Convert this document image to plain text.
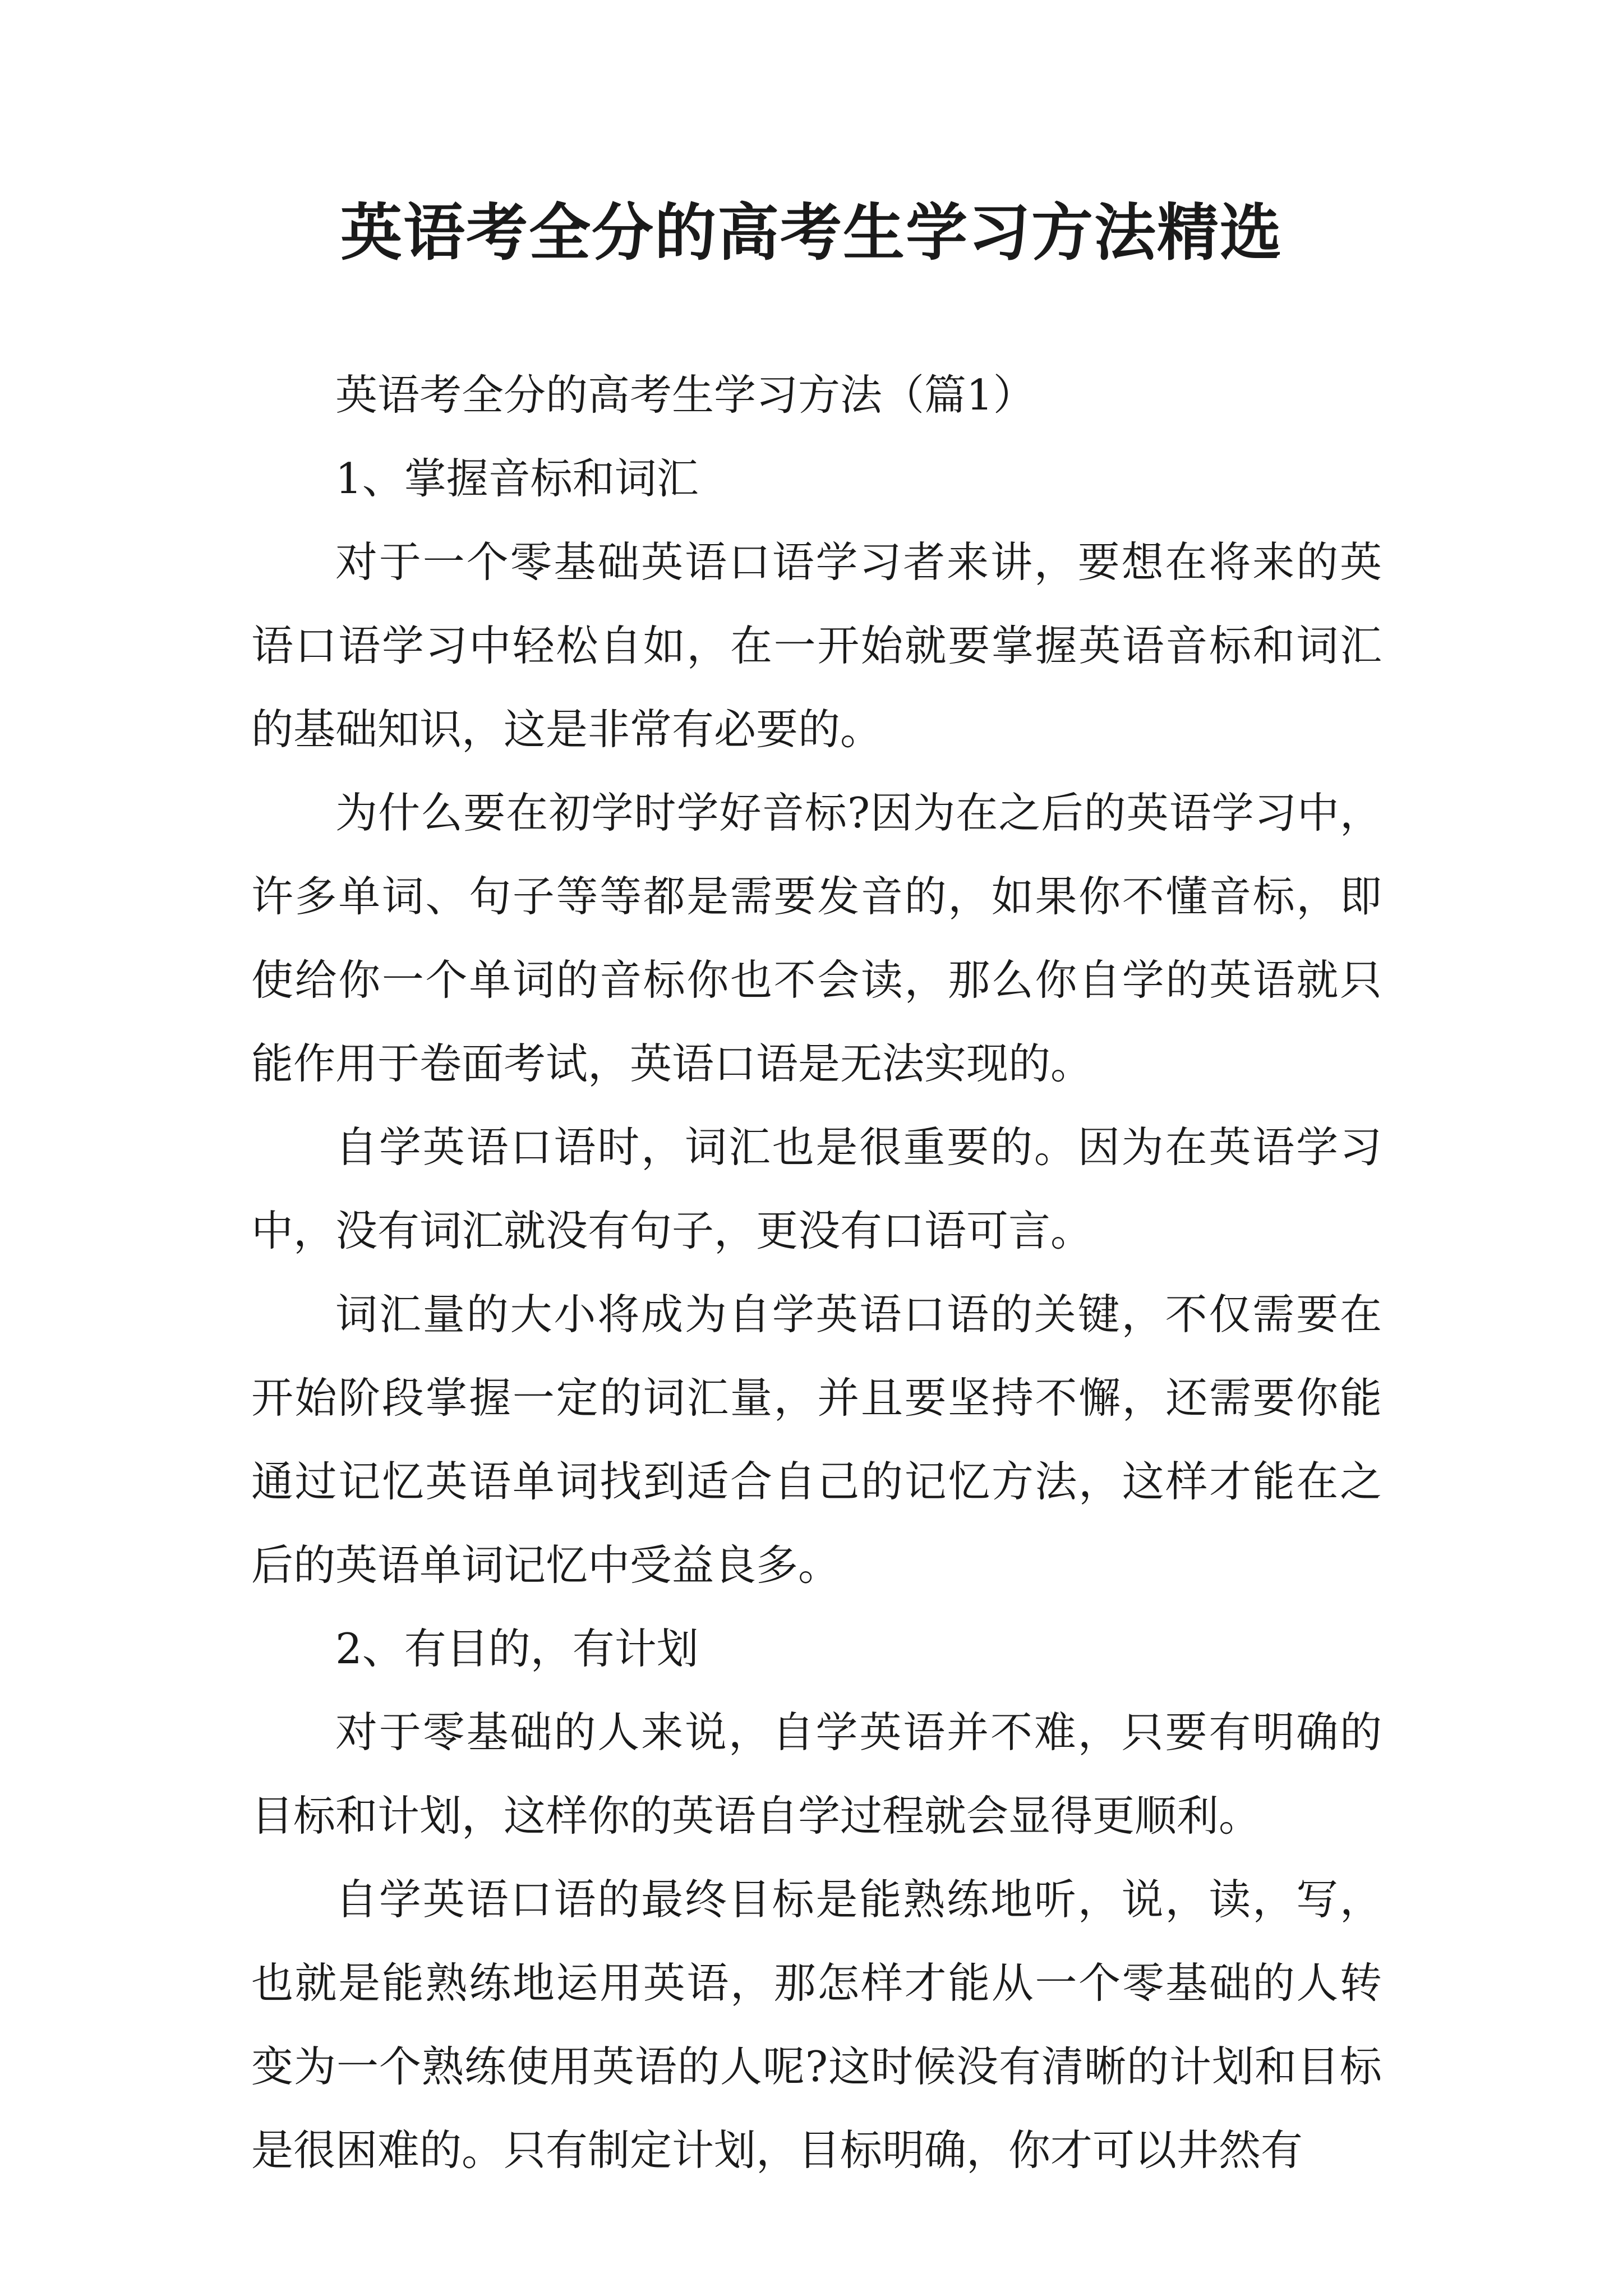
英语考全分的高考生学习方法精选

英语考全分的高考生学习方法（篇1）

1、掌握音标和词汇

对于一个零基础英语口语学习者来讲，要想在将来的英语口语学习中轻松自如，在一开始就要掌握英语音标和词汇的基础知识，这是非常有必要的。

为什么要在初学时学好音标?因为在之后的英语学习中，许多单词、句子等等都是需要发音的，如果你不懂音标，即使给你一个单词的音标你也不会读，那么你自学的英语就只能作用于卷面考试，英语口语是无法实现的。

自学英语口语时，词汇也是很重要的。因为在英语学习中，没有词汇就没有句子，更没有口语可言。

词汇量的大小将成为自学英语口语的关键，不仅需要在开始阶段掌握一定的词汇量，并且要坚持不懈，还需要你能通过记忆英语单词找到适合自己的记忆方法，这样才能在之后的英语单词记忆中受益良多。

2、有目的，有计划

对于零基础的人来说，自学英语并不难，只要有明确的目标和计划，这样你的英语自学过程就会显得更顺利。

自学英语口语的最终目标是能熟练地听，说，读，写，也就是能熟练地运用英语，那怎样才能从一个零基础的人转变为一个熟练使用英语的人呢?这时候没有清晰的计划和目标是很困难的。只有制定计划，目标明确，你才可以井然有
